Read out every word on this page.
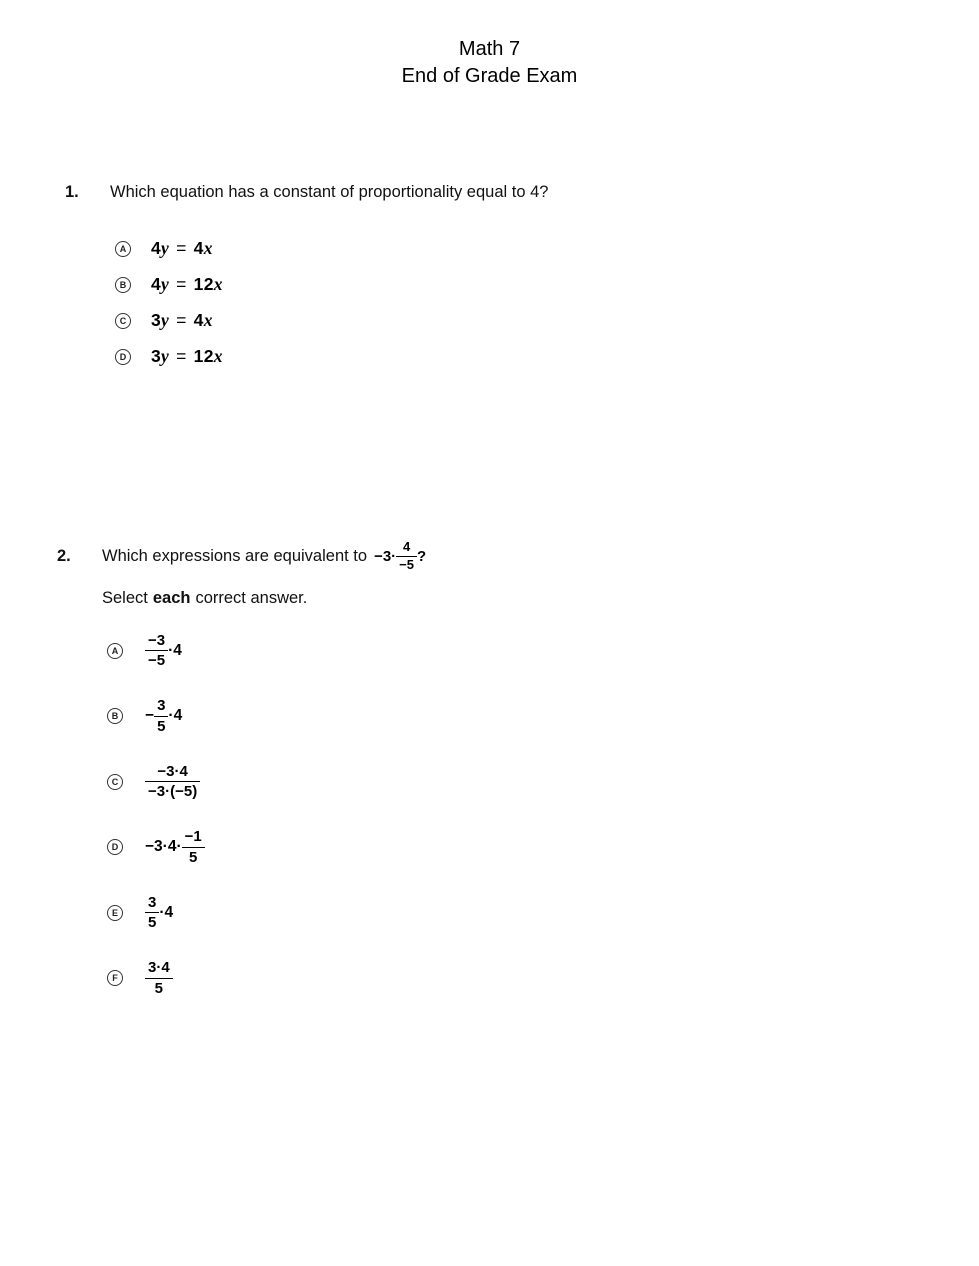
Math 7
End of Grade Exam
1.	Which equation has a constant of proportionality equal to 4?
A 4y = 4x
B 4y = 12x
C 3y = 4x
D 3y = 12x
2.	Which expressions are equivalent to $-3\cdot \frac{4}{-5}$ ?
Select each correct answer.
A	$\frac{-3}{-5} \cdot 4$
B	− $\frac{3}{5} \cdot 4$
C	$\frac{-3\cdot 4}{-3\cdot(-5)}$
D	$-3\cdot 4\cdot \frac{-1}{5}$
E	$\frac{3}{5} \cdot 4$
F	$\frac{3\cdot 4}{5}$
